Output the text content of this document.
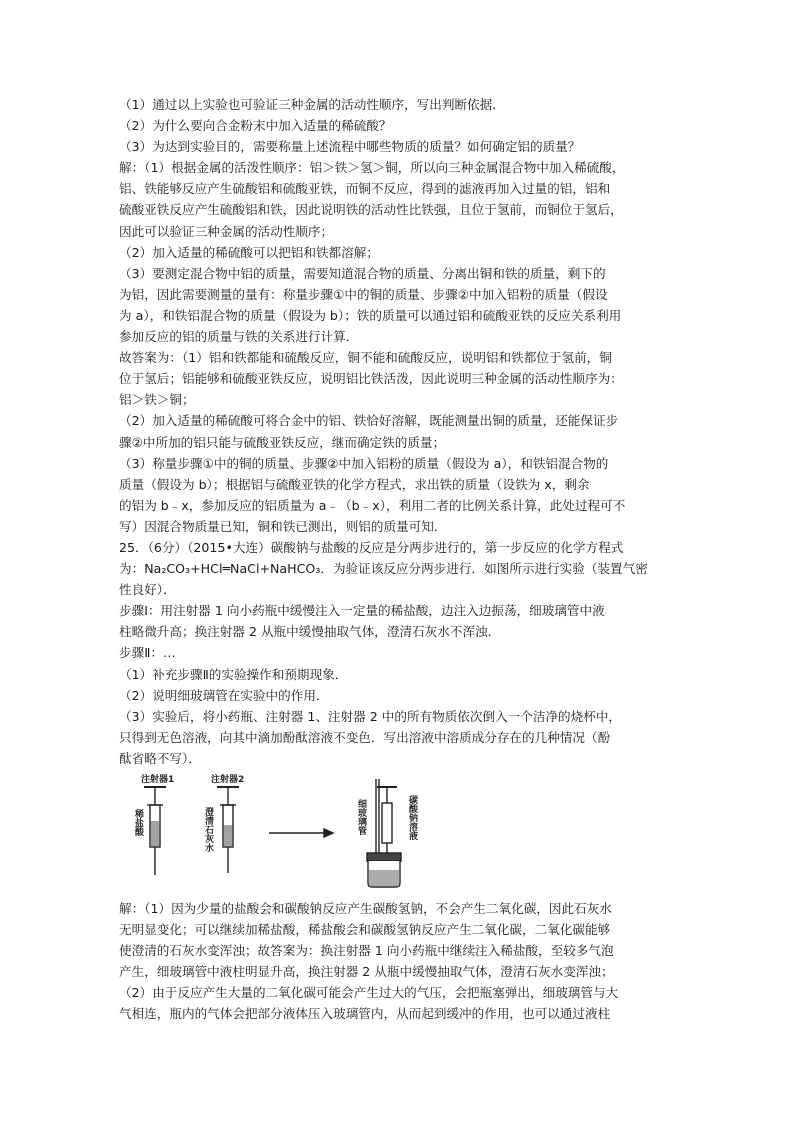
（1）通过以上实验也可验证三种金属的活动性顺序，写出判断依据．
（2）为什么要向合金粉末中加入适量的稀硫酸？
（3）为达到实验目的，需要称量上述流程中哪些物质的质量？如何确定铝的质量？
解：（1）根据金属的活泼性顺序：铝＞铁＞氢＞铜，所以向三种金属混合物中加入稀硫酸，
铝、铁能够反应产生硫酸铝和硫酸亚铁，而铜不反应，得到的滤液再加入过量的铝，铝和
硫酸亚铁反应产生硫酸铝和铁，因此说明铁的活动性比铁强，且位于氢前，而铜位于氢后，
因此可以验证三种金属的活动性顺序；
（2）加入适量的稀硫酸可以把铝和铁都溶解；
（3）要测定混合物中铝的质量，需要知道混合物的质量、分离出铜和铁的质量，剩下的
为铝，因此需要测量的量有：称量步骤①中的铜的质量、步骤②中加入铝粉的质量（假设
为 a），和铁铝混合物的质量（假设为 b）；铁的质量可以通过铝和硫酸亚铁的反应关系利用
参加反应的铝的质量与铁的关系进行计算．
故答案为：（1）铝和铁都能和硫酸反应，铜不能和硫酸反应，说明铝和铁都位于氢前，铜
位于氢后；铝能够和硫酸亚铁反应，说明铝比铁活泼，因此说明三种金属的活动性顺序为：
铝＞铁＞铜；
（2）加入适量的稀硫酸可将合金中的铝、铁恰好溶解，既能测量出铜的质量，还能保证步
骤②中所加的铝只能与硫酸亚铁反应，继而确定铁的质量；
（3）称量步骤①中的铜的质量、步骤②中加入铝粉的质量（假设为 a），和铁铝混合物的
质量（假设为 b）；根据铝与硫酸亚铁的化学方程式，求出铁的质量（设铁为 x，剩余
的铝为 b﹣x，参加反应的铝质量为 a﹣（b﹣x），利用二者的比例关系计算，此处过程可不
写）因混合物质量已知，铜和铁已测出，则铝的质量可知．
25．（6分）（2015•大连）碳酸钠与盐酸的反应是分两步进行的，第一步反应的化学方程式
为：Na₂CO₃+HCl═NaCl+NaHCO₃．为验证该反应分两步进行．如图所示进行实验（装置气密
性良好）．
步骤Ⅰ：用注射器 1 向小药瓶中缓慢注入一定量的稀盐酸，边注入边振荡，细玻璃管中液
柱略微升高；换注射器 2 从瓶中缓慢抽取气体，澄清石灰水不浑浊．
步骤Ⅱ：…
（1）补充步骤Ⅱ的实验操作和预期现象．
（2）说明细玻璃管在实验中的作用．
（3）实验后，将小药瓶、注射器 1、注射器 2 中的所有物质依次倒入一个洁净的烧杯中，
只得到无色溶液，向其中滴加酚酞溶液不变色．写出溶液中溶质成分存在的几种情况（酚
酞省略不写）．
注射器1	注射器2
稀盐酸	澄清石灰水	细玻璃管	碳酸钠溶液
解：（1）因为少量的盐酸会和碳酸钠反应产生碳酸氢钠，不会产生二氧化碳，因此石灰水
无明显变化；可以继续加稀盐酸，稀盐酸会和碳酸氢钠反应产生二氧化碳，二氧化碳能够
使澄清的石灰水变浑浊；故答案为：换注射器 1 向小药瓶中继续注入稀盐酸，至较多气泡
产生，细玻璃管中液柱明显升高，换注射器 2 从瓶中缓慢抽取气体，澄清石灰水变浑浊；
（2）由于反应产生大量的二氧化碳可能会产生过大的气压，会把瓶塞弹出，细玻璃管与大
气相连，瓶内的气体会把部分液体压入玻璃管内，从而起到缓冲的作用，也可以通过液柱
